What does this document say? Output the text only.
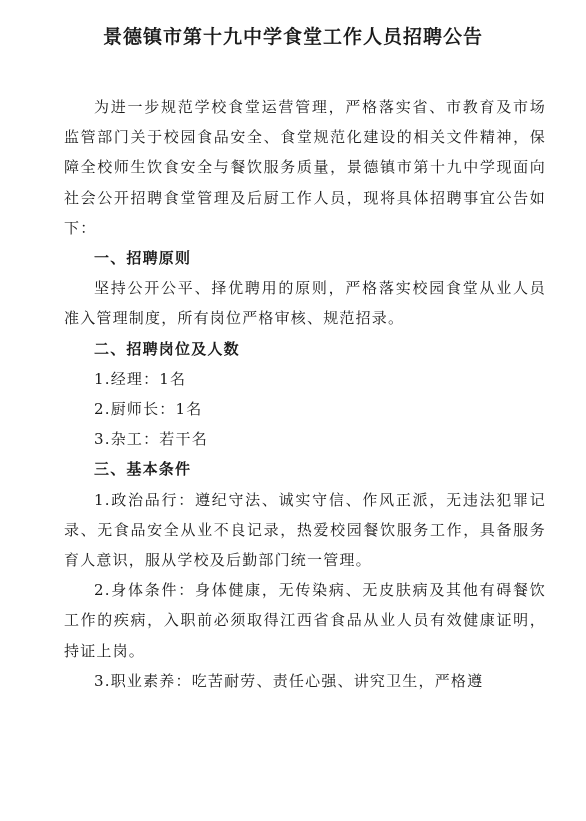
景德镇市第十九中学食堂工作人员招聘公告

为进一步规范学校食堂运营管理，严格落实省、市教育及市场监管部门关于校园食品安全、食堂规范化建设的相关文件精神，保障全校师生饮食安全与餐饮服务质量，景德镇市第十九中学现面向社会公开招聘食堂管理及后厨工作人员，现将具体招聘事宜公告如下：

一、招聘原则

坚持公开公平、择优聘用的原则，严格落实校园食堂从业人员准入管理制度，所有岗位严格审核、规范招录。

二、招聘岗位及人数

1.经理：1名

2.厨师长：1名

3.杂工：若干名

三、基本条件

1.政治品行：遵纪守法、诚实守信、作风正派，无违法犯罪记录、无食品安全从业不良记录，热爱校园餐饮服务工作，具备服务育人意识，服从学校及后勤部门统一管理。

2.身体条件：身体健康，无传染病、无皮肤病及其他有碍餐饮工作的疾病，入职前必须取得江西省食品从业人员有效健康证明，持证上岗。

3.职业素养：吃苦耐劳、责任心强、讲究卫生，严格遵
